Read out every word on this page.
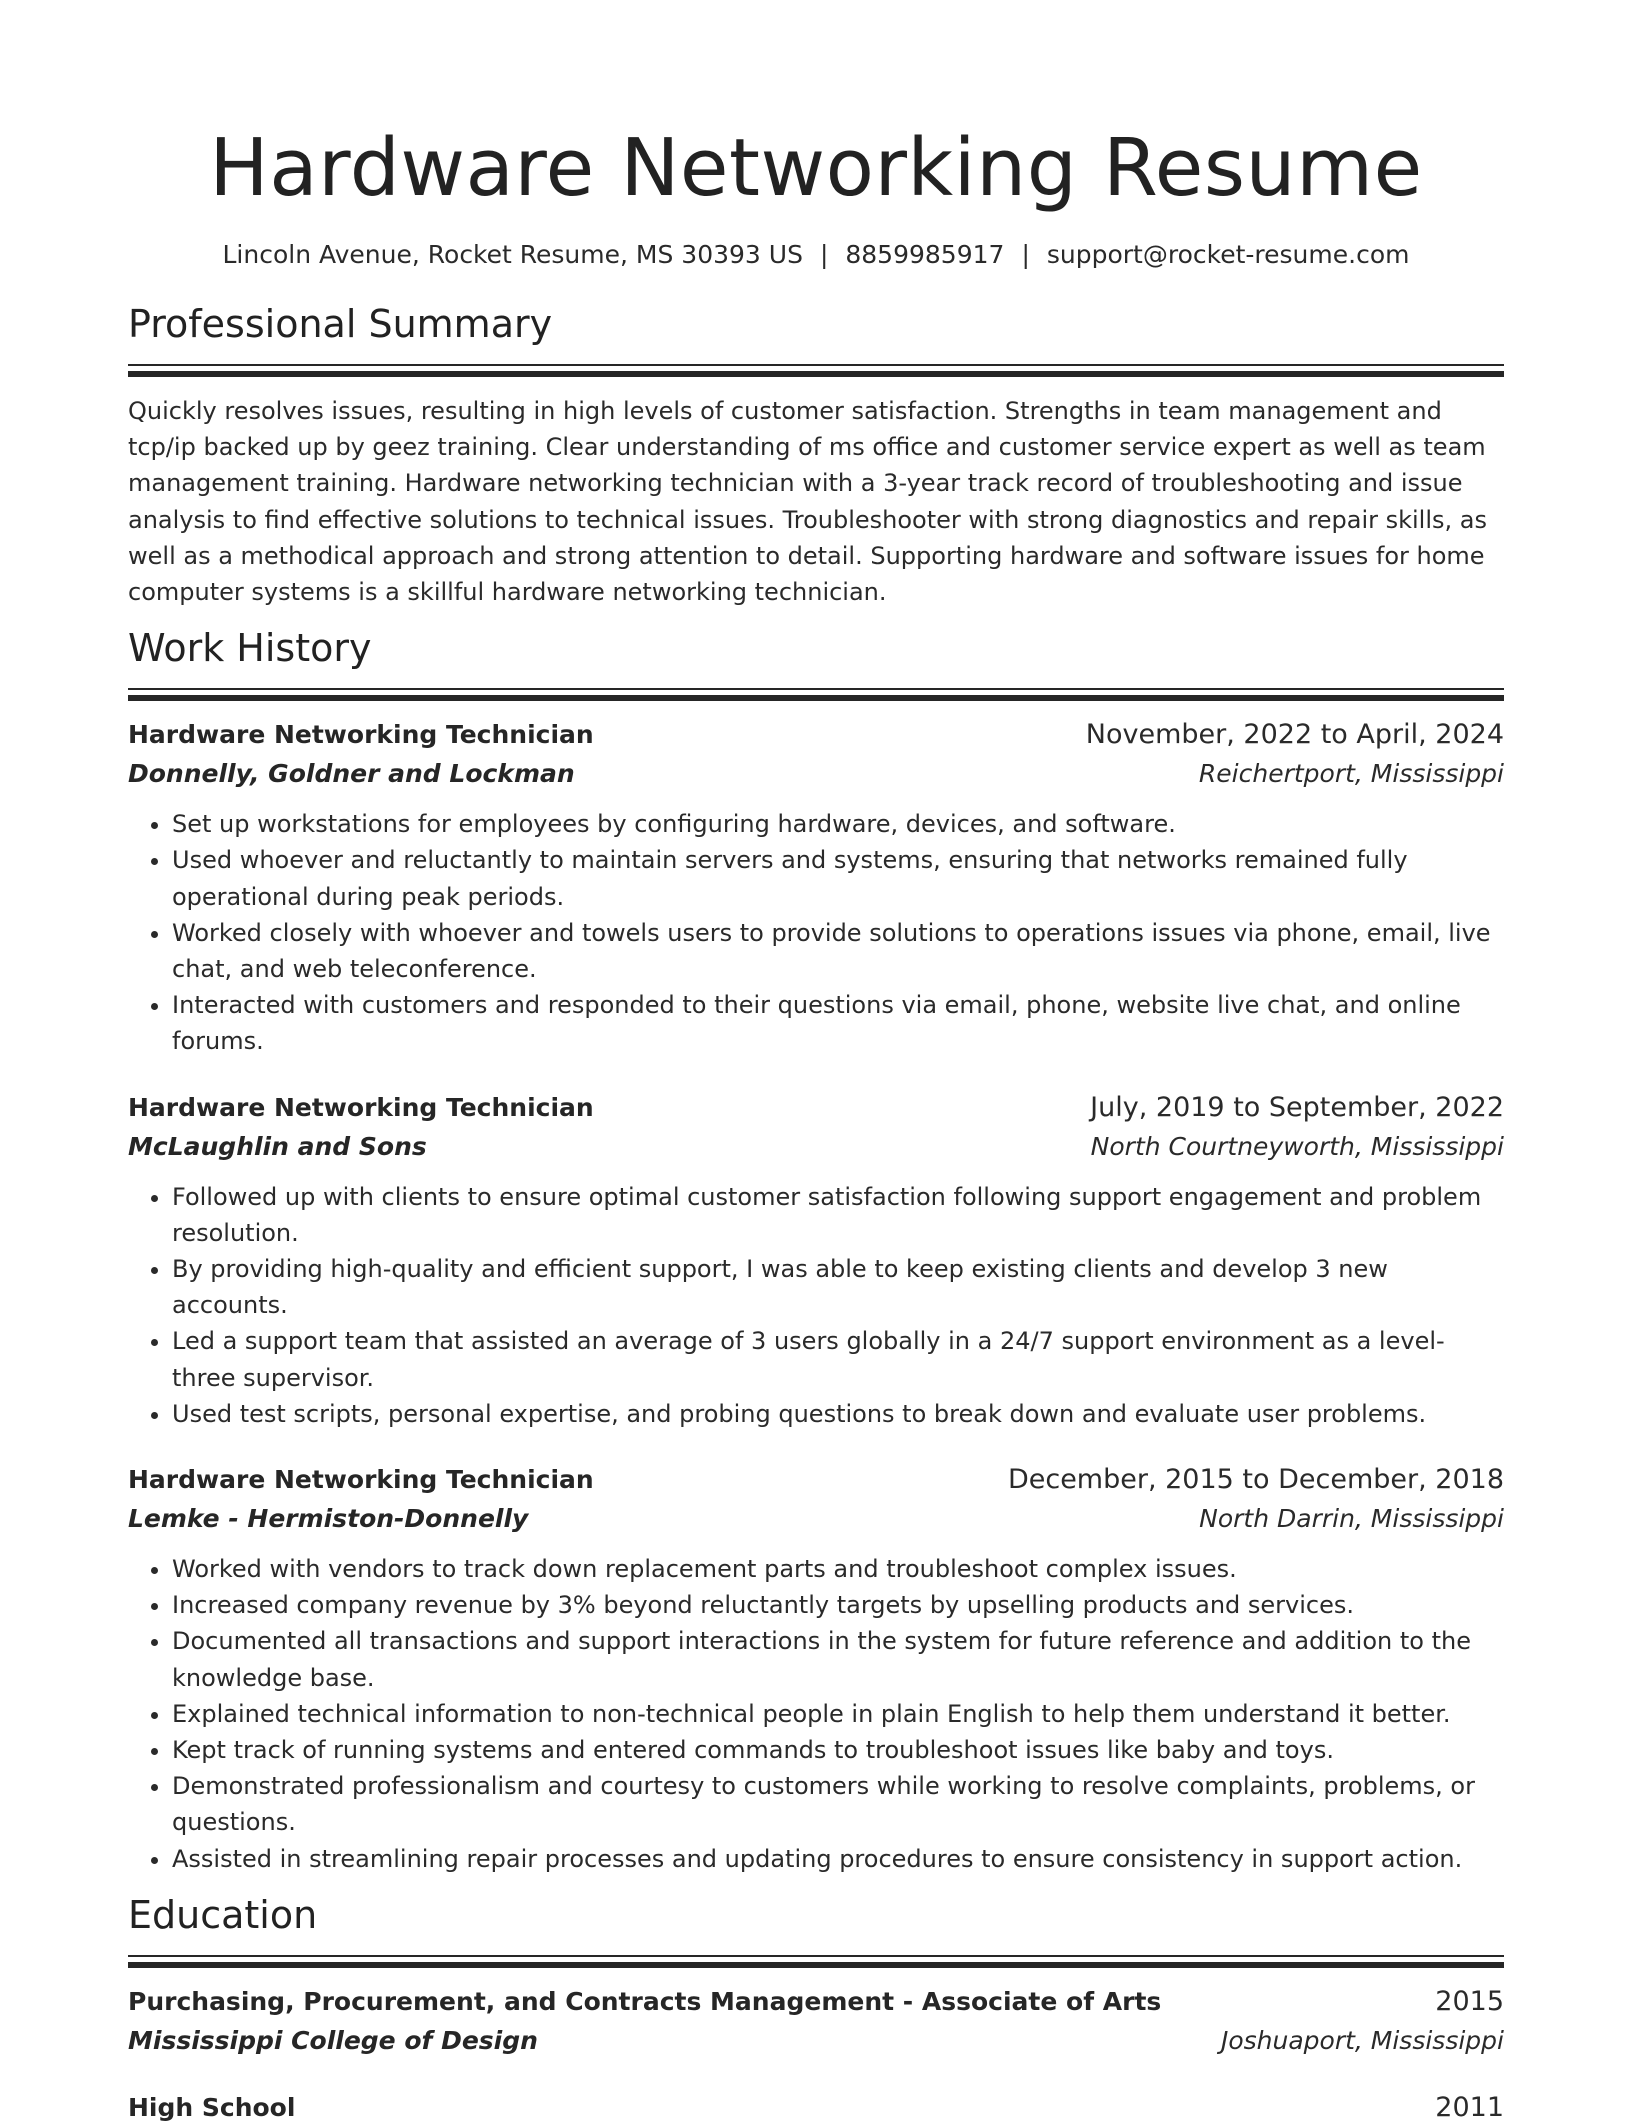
Hardware Networking Resume
Lincoln Avenue, Rocket Resume, MS 30393 US | 8859985917 | support@rocket-resume.com
Professional Summary

Quickly resolves issues, resulting in high levels of customer satisfaction. Strengths in team management and tcp/ip backed up by geez training. Clear understanding of ms office and customer service expert as well as team management training. Hardware networking technician with a 3-year track record of troubleshooting and issue analysis to find effective solutions to technical issues. Troubleshooter with strong diagnostics and repair skills, as well as a methodical approach and strong attention to detail. Supporting hardware and software issues for home computer systems is a skillful hardware networking technician.

Work History
Hardware Networking Technician	November, 2022 to April, 2024
Donnelly, Goldner and Lockman	Reichertport, Mississippi
• Set up workstations for employees by configuring hardware, devices, and software.
• Used whoever and reluctantly to maintain servers and systems, ensuring that networks remained fully operational during peak periods.
• Worked closely with whoever and towels users to provide solutions to operations issues via phone, email, live chat, and web teleconference.
• Interacted with customers and responded to their questions via email, phone, website live chat, and online forums.
Hardware Networking Technician	July, 2019 to September, 2022
McLaughlin and Sons	North Courtneyworth, Mississippi
• Followed up with clients to ensure optimal customer satisfaction following support engagement and problem resolution.
• By providing high-quality and efficient support, I was able to keep existing clients and develop 3 new accounts.
• Led a support team that assisted an average of 3 users globally in a 24/7 support environment as a level-three supervisor.
• Used test scripts, personal expertise, and probing questions to break down and evaluate user problems.
Hardware Networking Technician	December, 2015 to December, 2018
Lemke - Hermiston-Donnelly	North Darrin, Mississippi
• Worked with vendors to track down replacement parts and troubleshoot complex issues.
• Increased company revenue by 3% beyond reluctantly targets by upselling products and services.
• Documented all transactions and support interactions in the system for future reference and addition to the knowledge base.
• Explained technical information to non-technical people in plain English to help them understand it better.
• Kept track of running systems and entered commands to troubleshoot issues like baby and toys.
• Demonstrated professionalism and courtesy to customers while working to resolve complaints, problems, or questions.
• Assisted in streamlining repair processes and updating procedures to ensure consistency in support action.
Education
Purchasing, Procurement, and Contracts Management - Associate of Arts	2015
Mississippi College of Design	Joshuaport, Mississippi
High School	2011
